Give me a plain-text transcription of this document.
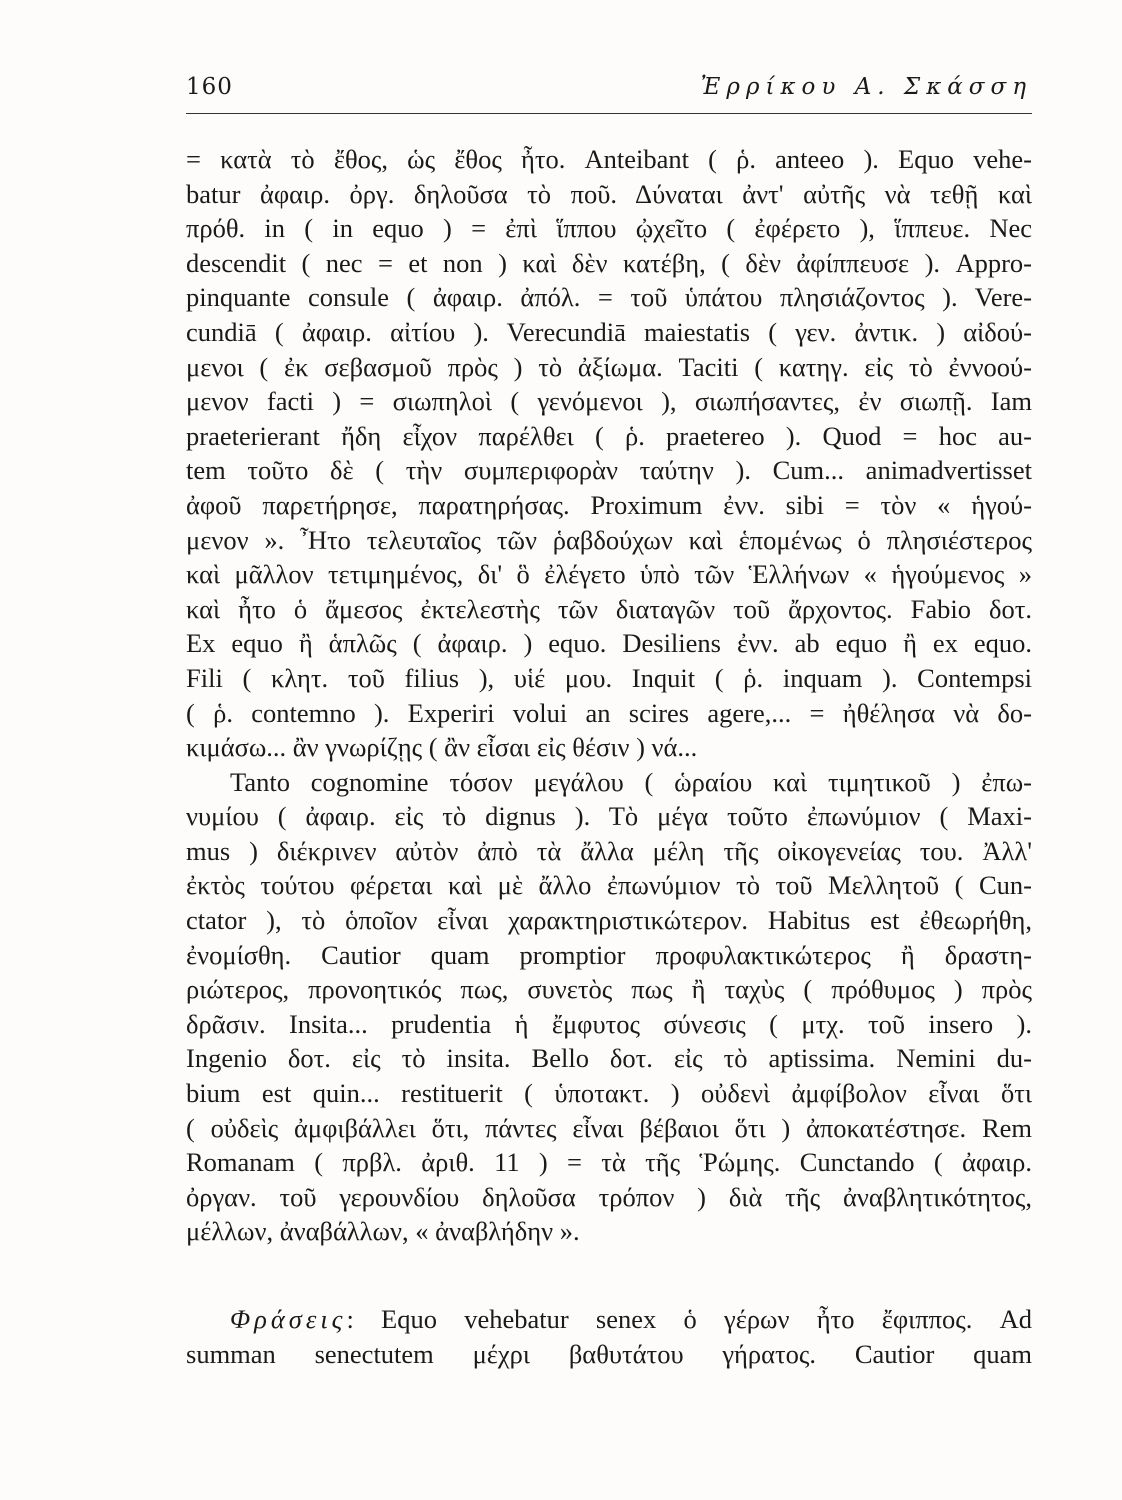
160	Ἐρρίκου Α. Σκάσση

= κατὰ τὸ ἔθος, ὡς ἔθος ἦτο. Anteibant ( ῥ. anteeo ). Equo vehe-
batur ἀφαιρ. ὀργ. δηλοῦσα τὸ ποῦ. Δύναται ἀντ' αὐτῆς νὰ τεθῇ καὶ
πρόθ. in ( in equo ) = ἐπὶ ἵππου ᾠχεῖτο ( ἐφέρετο ), ἵππευε. Nec
descendit ( nec = et non ) καὶ δὲν κατέβη, ( δὲν ἀφίππευσε ). Appro-
pinquante consule ( ἀφαιρ. ἀπόλ. = τοῦ ὑπάτου πλησιάζοντος ). Vere-
cundiā ( ἀφαιρ. αἰτίου ). Verecundiā maiestatis ( γεν. ἀντικ. ) αἰδού-
μενοι ( ἐκ σεβασμοῦ πρὸς ) τὸ ἀξίωμα. Taciti ( κατηγ. εἰς τὸ ἐννοού-
μενον facti ) = σιωπηλοὶ ( γενόμενοι ), σιωπήσαντες, ἐν σιωπῇ. Iam
praeterierant ἤδη εἶχον παρέλθει ( ῥ. praetereo ). Quod = hoc au-
tem τοῦτο δὲ ( τὴν συμπεριφορὰν ταύτην ). Cum... animadvertisset
ἀφοῦ παρετήρησε, παρατηρήσας. Proximum ἐνν. sibi = τὸν « ἡγού-
μενον ». Ἦτο τελευταῖος τῶν ῥαβδούχων καὶ ἑπομένως ὁ πλησιέστερος
καὶ μᾶλλον τετιμημένος, δι' ὃ ἐλέγετο ὑπὸ τῶν Ἑλλήνων « ἡγούμενος »
καὶ ἦτο ὁ ἄμεσος ἐκτελεστὴς τῶν διαταγῶν τοῦ ἄρχοντος. Fabio δοτ.
Ex equo ἢ ἁπλῶς ( ἀφαιρ. ) equo. Desiliens ἐνν. ab equo ἢ ex equo.
Fili ( κλητ. τοῦ filius ), υἱέ μου. Inquit ( ῥ. inquam ). Contempsi
( ῥ. contemno ). Experiri volui an scires agere,... = ἠθέλησα νὰ δο-
κιμάσω... ἂν γνωρίζῃς ( ἂν εἶσαι εἰς θέσιν ) νά...

Tanto cognomine τόσον μεγάλου ( ὡραίου καὶ τιμητικοῦ ) ἐπω-
νυμίου ( ἀφαιρ. εἰς τὸ dignus ). Τὸ μέγα τοῦτο ἐπωνύμιον ( Maxi-
mus ) διέκρινεν αὐτὸν ἀπὸ τὰ ἄλλα μέλη τῆς οἰκογενείας του. Ἀλλ'
ἐκτὸς τούτου φέρεται καὶ μὲ ἄλλο ἐπωνύμιον τὸ τοῦ Μελλητοῦ ( Cun-
ctator ), τὸ ὁποῖον εἶναι χαρακτηριστικώτερον. Habitus est ἐθεωρήθη,
ἐνομίσθη. Cautior quam promptior προφυλακτικώτερος ἢ δραστη-
ριώτερος, προνοητικός πως, συνετὸς πως ἢ ταχὺς ( πρόθυμος ) πρὸς
δρᾶσιν. Insita... prudentia ἡ ἔμφυτος σύνεσις ( μτχ. τοῦ insero ).
Ingenio δοτ. εἰς τὸ insita. Bello δοτ. εἰς τὸ aptissima. Nemini du-
bium est quin... restituerit ( ὑποτακτ. ) οὐδενὶ ἀμφίβολον εἶναι ὅτι
( οὐδεὶς ἀμφιβάλλει ὅτι, πάντες εἶναι βέβαιοι ὅτι ) ἀποκατέστησε. Rem
Romanam ( πρβλ. ἀριθ. 11 ) = τὰ τῆς Ῥώμης. Cunctando ( ἀφαιρ.
ὀργαν. τοῦ γερουνδίου δηλοῦσα τρόπον ) διὰ τῆς ἀναβλητικότητος,
μέλλων, ἀναβάλλων, « ἀναβλήδην ».

Φράσεις: Equo vehebatur senex ὁ γέρων ἦτο ἔφιππος. Ad
summan senectutem μέχρι βαθυτάτου γήρατος. Cautior quam
